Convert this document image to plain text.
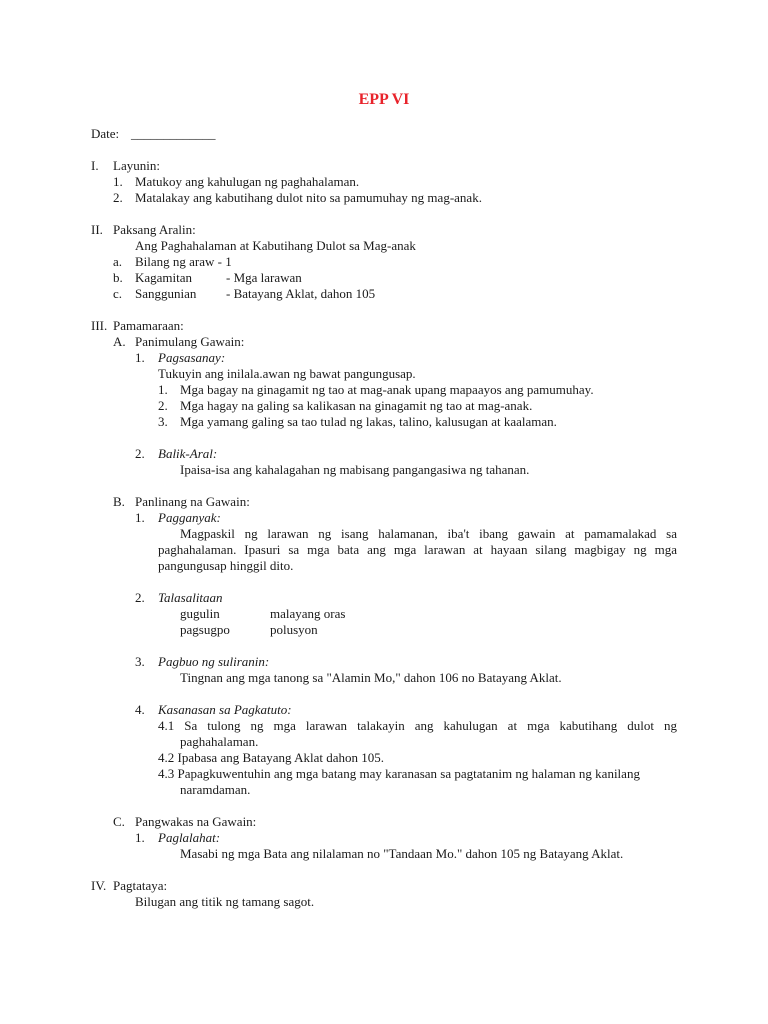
EPP VI
Date: _____________
I. Layunin:
1. Matukoy ang kahulugan ng paghahalaman.
2. Matalakay ang kabutihang dulot nito sa pamumuhay ng mag-anak.
II. Paksang Aralin:
Ang Paghahalaman at Kabutihang Dulot sa Mag-anak
a. Bilang ng araw - 1
b. Kagamitan	- Mga larawan
c. Sanggunian - Batayang Aklat, dahon 105
III. Pamamaraan:
A. Panimulang Gawain:
1. Pagsasanay:
Tukuyin ang inilala.awan ng bawat pangungusap.
1. Mga bagay na ginagamit ng tao at mag-anak upang mapaayos ang pamumuhay.
2. Mga hagay na galing sa kalikasan na ginagamit ng tao at mag-anak.
3. Mga yamang galing sa tao tulad ng lakas, talino, kalusugan at kaalaman.
2. Balik-Aral:
Ipaisa-isa ang kahalagahan ng mabisang pangangasiwa ng tahanan.
B. Panlinang na Gawain:
1. Pagganyak:
Magpaskil ng larawan ng isang halamanan, iba't ibang gawain at pamamalakad sa
paghahalaman. Ipasuri sa mga bata ang mga larawan at hayaan silang magbigay ng mga
pangungusap hinggil dito.
2. Talasalitaan
gugulin	malayang oras
pagsugpo	polusyon
3. Pagbuo ng suliranin:
Tingnan ang mga tanong sa "Alamin Mo," dahon 106 no Batayang Aklat.
4. Kasanasan sa Pagkatuto:
4.1 Sa tulong ng mga larawan talakayin ang kahulugan at mga kabutihang dulot ng
paghahalaman.
4.2 Ipabasa ang Batayang Aklat dahon 105.
4.3 Papagkuwentuhin ang mga batang may karanasan sa pagtatanim ng halaman ng kanilang
naramdaman.
C. Pangwakas na Gawain:
1. Paglalahat:
Masabi ng mga Bata ang nilalaman no "Tandaan Mo." dahon 105 ng Batayang Aklat.
IV. Pagtataya:
Bilugan ang titik ng tamang sagot.
